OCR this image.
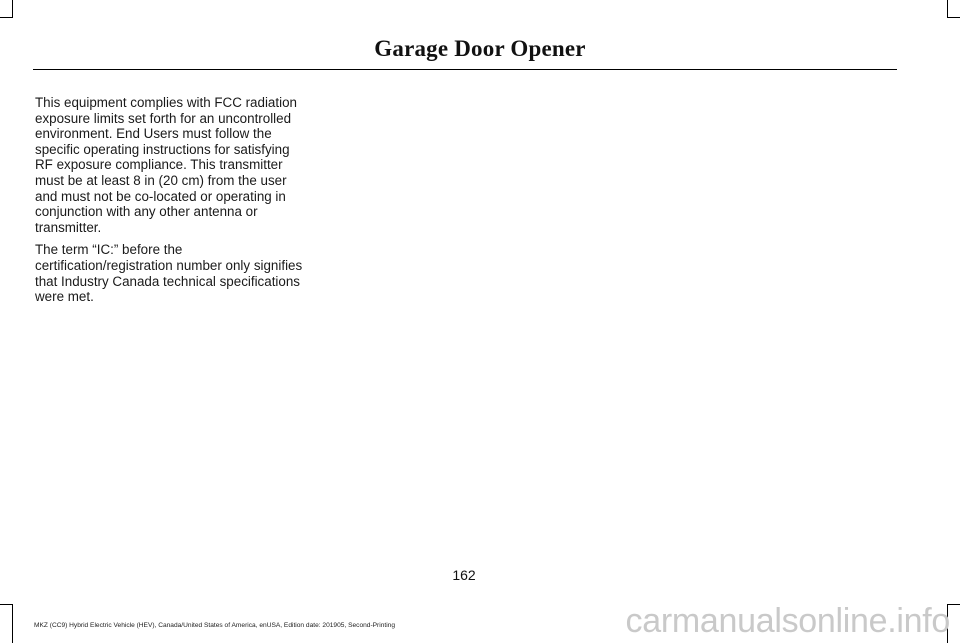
Garage Door Opener

This equipment complies with FCC radiation exposure limits set forth for an uncontrolled environment. End Users must follow the specific operating instructions for satisfying RF exposure compliance. This transmitter must be at least 8 in (20 cm) from the user and must not be co-located or operating in conjunction with any other antenna or transmitter.

The term “IC:” before the certification/registration number only signifies that Industry Canada technical specifications were met.

162
MKZ (CC9) Hybrid Electric Vehicle (HEV), Canada/United States of America, enUSA, Edition date: 201905, Second-Printing	carmanualsonline.info
